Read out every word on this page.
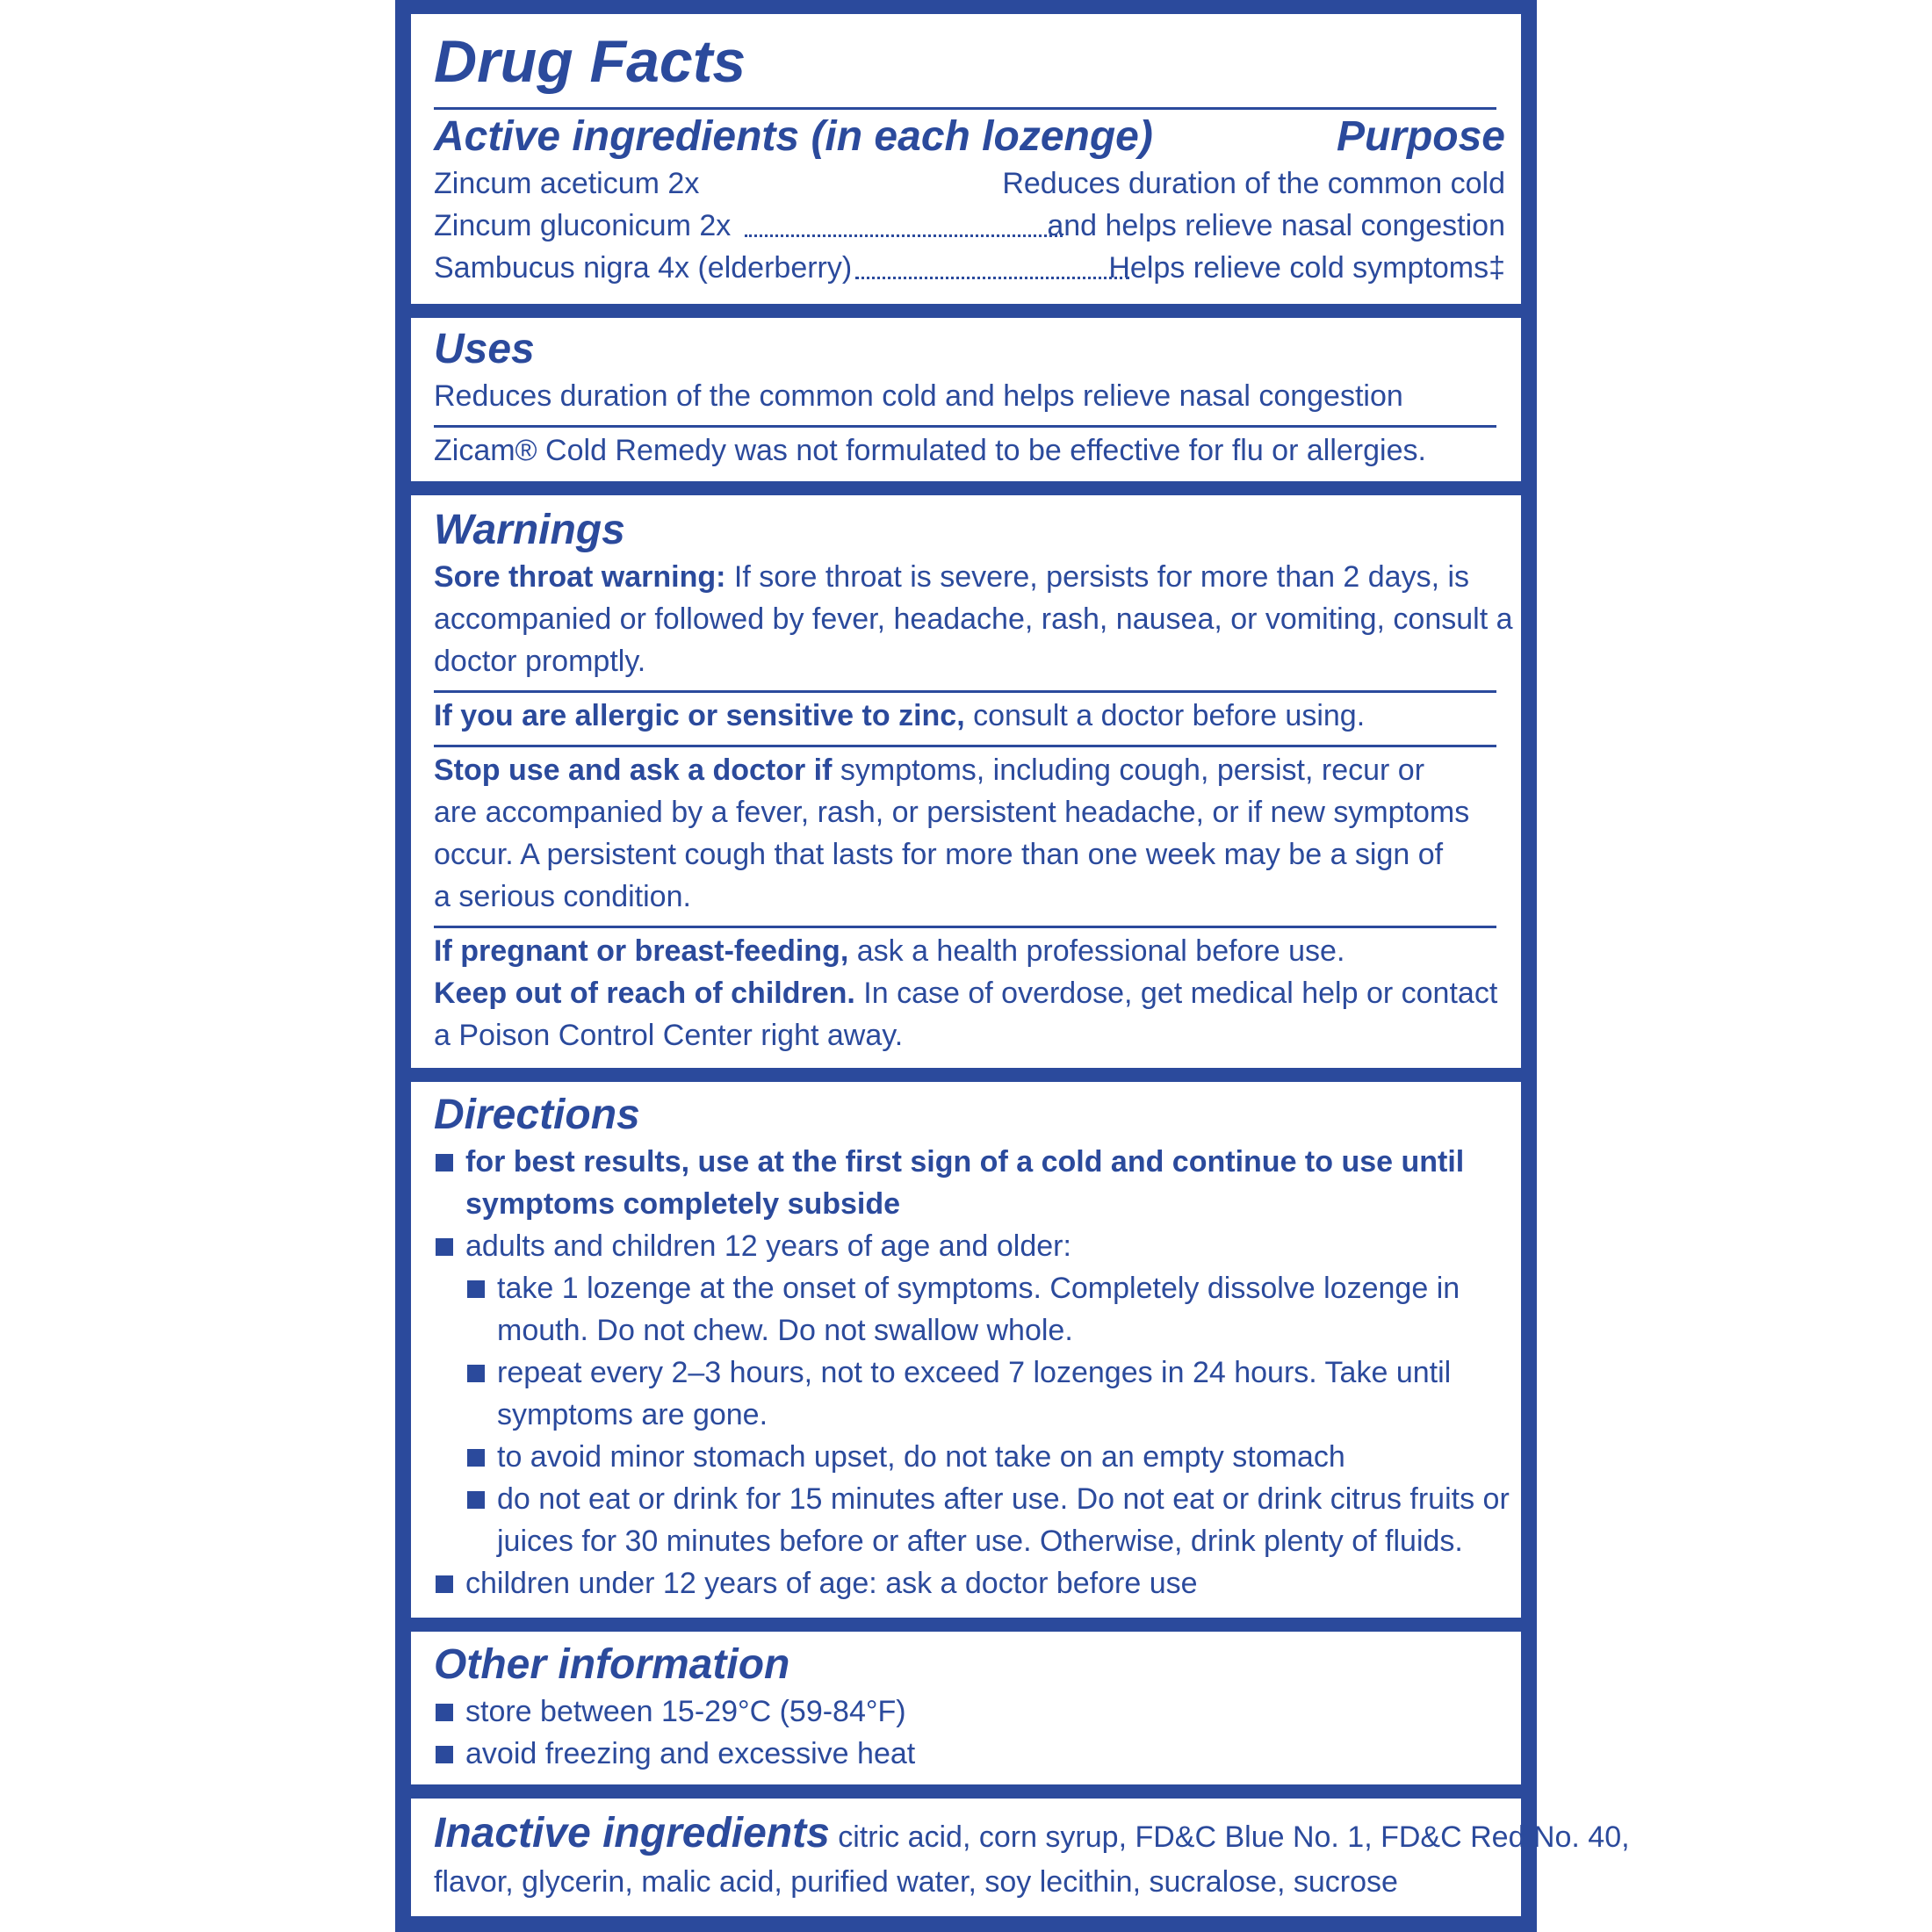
Drug Facts
Active ingredients (in each lozenge)	Purpose
Zincum aceticum 2x	Reduces duration of the common cold
Zincum gluconicum 2x	and helps relieve nasal congestion
Sambucus nigra 4x (elderberry)	Helps relieve cold symptoms‡
Uses
Reduces duration of the common cold and helps relieve nasal congestion
Zicam® Cold Remedy was not formulated to be effective for flu or allergies.
Warnings
Sore throat warning: If sore throat is severe, persists for more than 2 days, is
accompanied or followed by fever, headache, rash, nausea, or vomiting, consult a
doctor promptly.
If you are allergic or sensitive to zinc, consult a doctor before using.
Stop use and ask a doctor if symptoms, including cough, persist, recur or
are accompanied by a fever, rash, or persistent headache, or if new symptoms
occur. A persistent cough that lasts for more than one week may be a sign of
a serious condition.
If pregnant or breast-feeding, ask a health professional before use.
Keep out of reach of children. In case of overdose, get medical help or contact
a Poison Control Center right away.
Directions
for best results, use at the first sign of a cold and continue to use until
symptoms completely subside
adults and children 12 years of age and older:
take 1 lozenge at the onset of symptoms. Completely dissolve lozenge in
mouth. Do not chew. Do not swallow whole.
repeat every 2–3 hours, not to exceed 7 lozenges in 24 hours. Take until
symptoms are gone.
to avoid minor stomach upset, do not take on an empty stomach
do not eat or drink for 15 minutes after use. Do not eat or drink citrus fruits or
juices for 30 minutes before or after use. Otherwise, drink plenty of fluids.
children under 12 years of age: ask a doctor before use
Other information
store between 15-29°C (59-84°F)
avoid freezing and excessive heat
Inactive ingredients citric acid, corn syrup, FD&C Blue No. 1, FD&C Red No. 40,
flavor, glycerin, malic acid, purified water, soy lecithin, sucralose, sucrose
